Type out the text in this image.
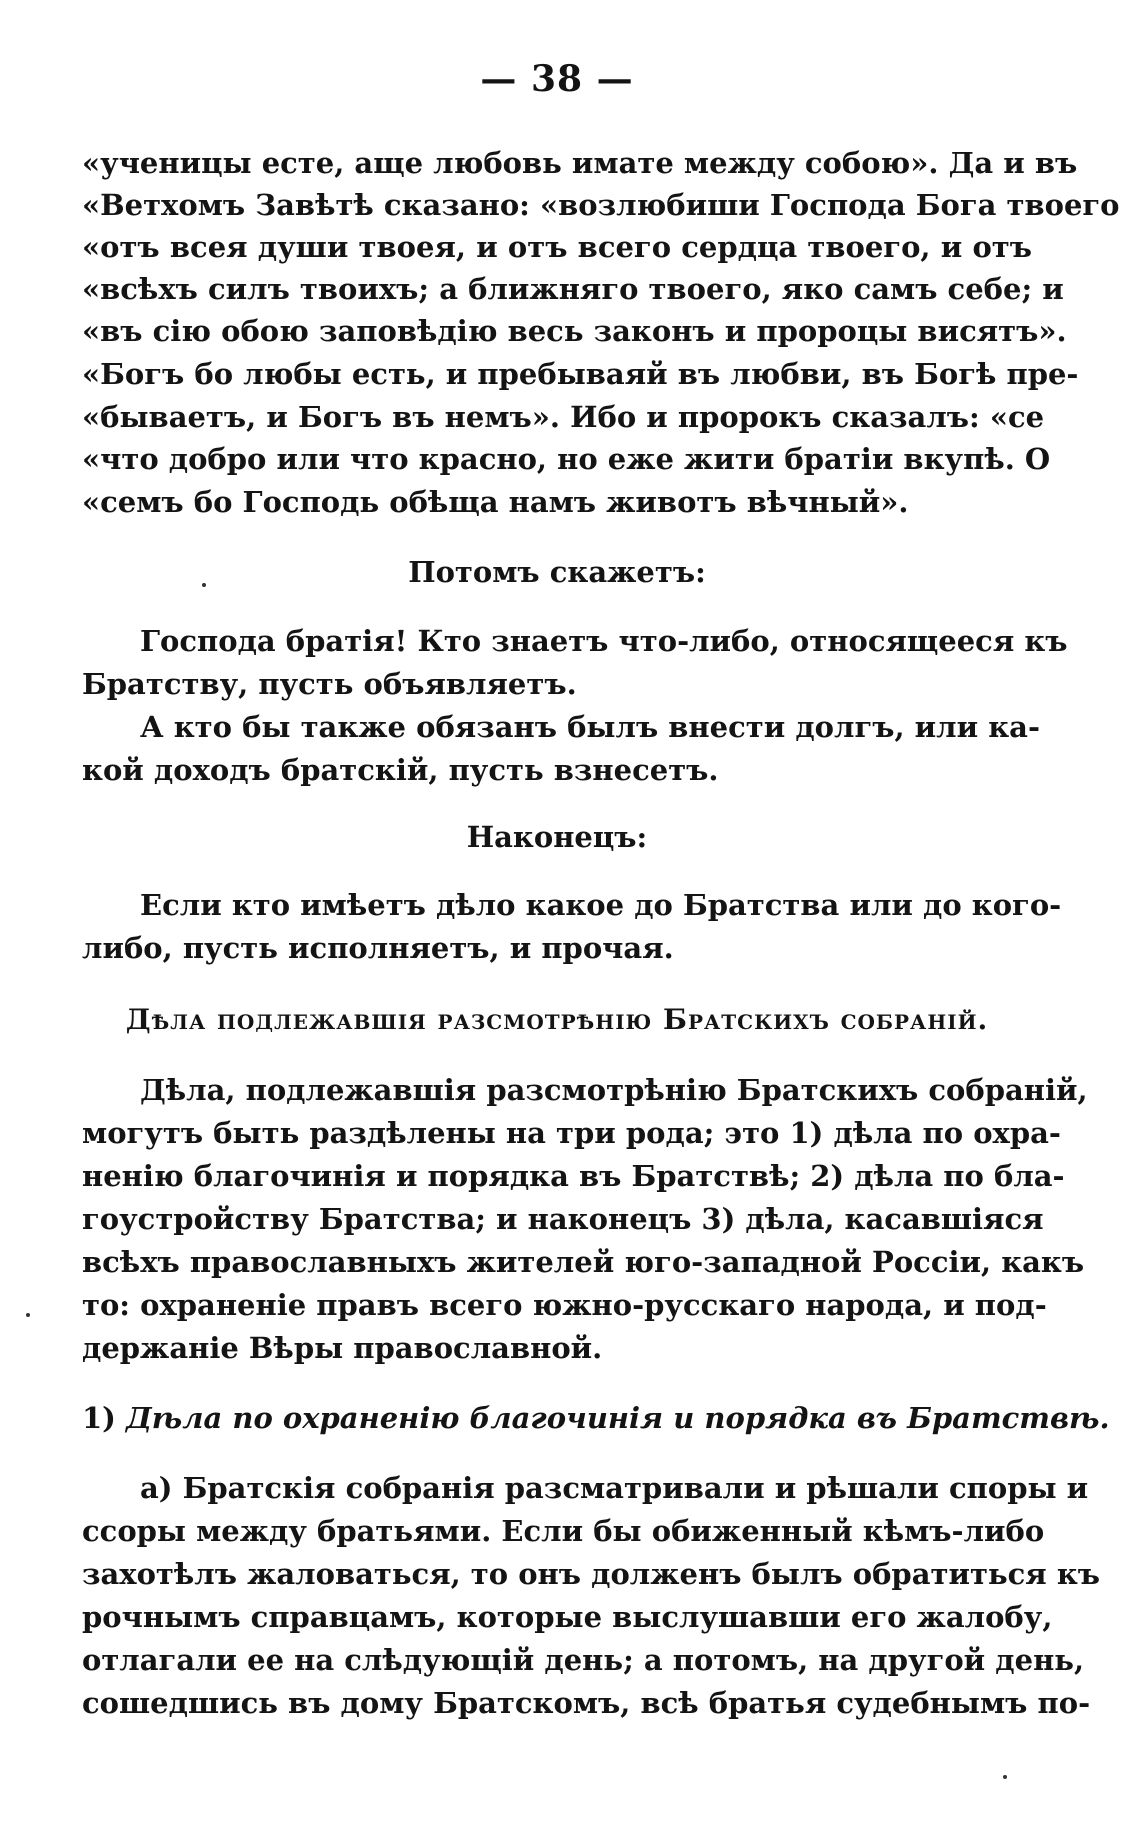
— 38 —
«ученицы есте, аще любовь имате между собою». Да и въ
«Ветхомъ Завѣтѣ сказано: «возлюбиши Господа Бога твоего
«отъ всея души твоея, и отъ всего сердца твоего, и отъ
«всѣхъ силъ твоихъ; а ближняго твоего, яко самъ себе; и
«въ сію обою заповѣдію весь законъ и пророцы висятъ».
«Богъ бо любы есть, и пребываяй въ любви, въ Богѣ пре-
«бываетъ, и Богъ въ немъ». Ибо и пророкъ сказалъ: «се
«что добро или что красно, но еже жити братіи вкупѣ. О
«семъ бо Господь обѣща намъ животъ вѣчный».
Потомъ скажетъ:
Господа братія! Кто знаетъ что-либо, относящееся къ
Братству, пусть объявляетъ.
А кто бы также обязанъ былъ внести долгъ, или ка-
кой доходъ братскій, пусть взнесетъ.
Наконецъ:
Если кто имѣетъ дѣло какое до Братства или до кого-
либо, пусть исполняетъ, и прочая.
Дѣла подлежавшія разсмотрѣнію Братскихъ собраній.
Дѣла, подлежавшія разсмотрѣнію Братскихъ собраній,
могутъ быть раздѣлены на три рода; это 1) дѣла по охра-
ненію благочинія и порядка въ Братствѣ; 2) дѣла по бла-
гоустройству Братства; и наконецъ 3) дѣла, касавшіяся
всѣхъ православныхъ жителей юго-западной Россіи, какъ
то: охраненіе правъ всего южно-русскаго народа, и под-
держаніе Вѣры православной.
1) Дѣла по охраненію благочинія и порядка въ Братствѣ.
а) Братскія собранія разсматривали и рѣшали споры и
ссоры между братьями. Если бы обиженный кѣмъ-либо
захотѣлъ жаловаться, то онъ долженъ былъ обратиться къ
рочнымъ справцамъ, которые выслушавши его жалобу,
отлагали ее на слѣдующій день; а потомъ, на другой день,
сошедшись въ дому Братскомъ, всѣ братья судебнымъ по-
